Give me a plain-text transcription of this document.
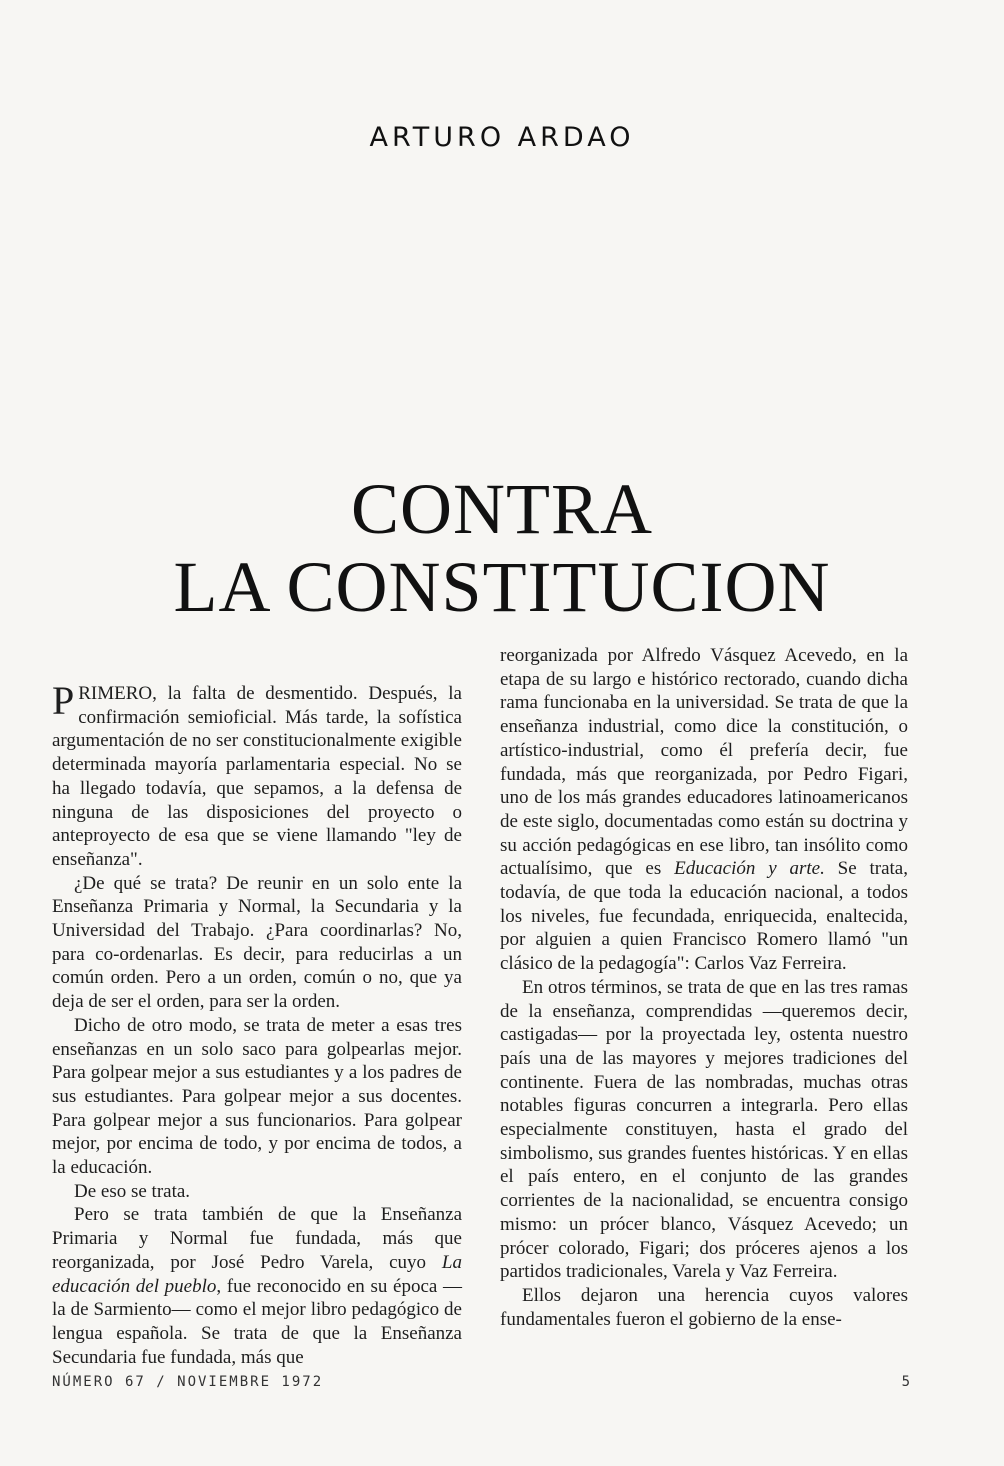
ARTURO ARDAO
CONTRA
LA CONSTITUCION

PRIMERO, la falta de desmentido. Después, la confirmación semioficial. Más tarde, la sofística argumentación de no ser constitucionalmente exigible determinada mayoría parlamentaria especial. No se ha llegado todavía, que sepamos, a la defensa de ninguna de las disposiciones del proyecto o anteproyecto de esa que se viene llamando "ley de enseñanza".

¿De qué se trata? De reunir en un solo ente la Enseñanza Primaria y Normal, la Secundaria y la Universidad del Trabajo. ¿Para coordinarlas? No, para co-ordenarlas. Es decir, para reducirlas a un común orden. Pero a un orden, común o no, que ya deja de ser el orden, para ser la orden.

Dicho de otro modo, se trata de meter a esas tres enseñanzas en un solo saco para golpearlas mejor. Para golpear mejor a sus estudiantes y a los padres de sus estudiantes. Para golpear mejor a sus docentes. Para golpear mejor a sus funcionarios. Para golpear mejor, por encima de todo, y por encima de todos, a la educación.

De eso se trata.

Pero se trata también de que la Enseñanza Primaria y Normal fue fundada, más que reorganizada, por José Pedro Varela, cuyo La educación del pueblo, fue reconocido en su época —la de Sarmiento— como el mejor libro pedagógico de lengua española. Se trata de que la Enseñanza Secundaria fue fundada, más que

reorganizada por Alfredo Vásquez Acevedo, en la etapa de su largo e histórico rectorado, cuando dicha rama funcionaba en la universidad. Se trata de que la enseñanza industrial, como dice la constitución, o artístico-industrial, como él prefería decir, fue fundada, más que reorganizada, por Pedro Figari, uno de los más grandes educadores latinoamericanos de este siglo, documentadas como están su doctrina y su acción pedagógicas en ese libro, tan insólito como actualísimo, que es Educación y arte. Se trata, todavía, de que toda la educación nacional, a todos los niveles, fue fecundada, enriquecida, enaltecida, por alguien a quien Francisco Romero llamó "un clásico de la pedagogía": Carlos Vaz Ferreira.

En otros términos, se trata de que en las tres ramas de la enseñanza, comprendidas —queremos decir, castigadas— por la proyectada ley, ostenta nuestro país una de las mayores y mejores tradiciones del continente. Fuera de las nombradas, muchas otras notables figuras concurren a integrarla. Pero ellas especialmente constituyen, hasta el grado del simbolismo, sus grandes fuentes históricas. Y en ellas el país entero, en el conjunto de las grandes corrientes de la nacionalidad, se encuentra consigo mismo: un prócer blanco, Vásquez Acevedo; un prócer colorado, Figari; dos próceres ajenos a los partidos tradicionales, Varela y Vaz Ferreira.

Ellos dejaron una herencia cuyos valores fundamentales fueron el gobierno de la ense-

NÚMERO 67 / NOVIEMBRE 1972	5
